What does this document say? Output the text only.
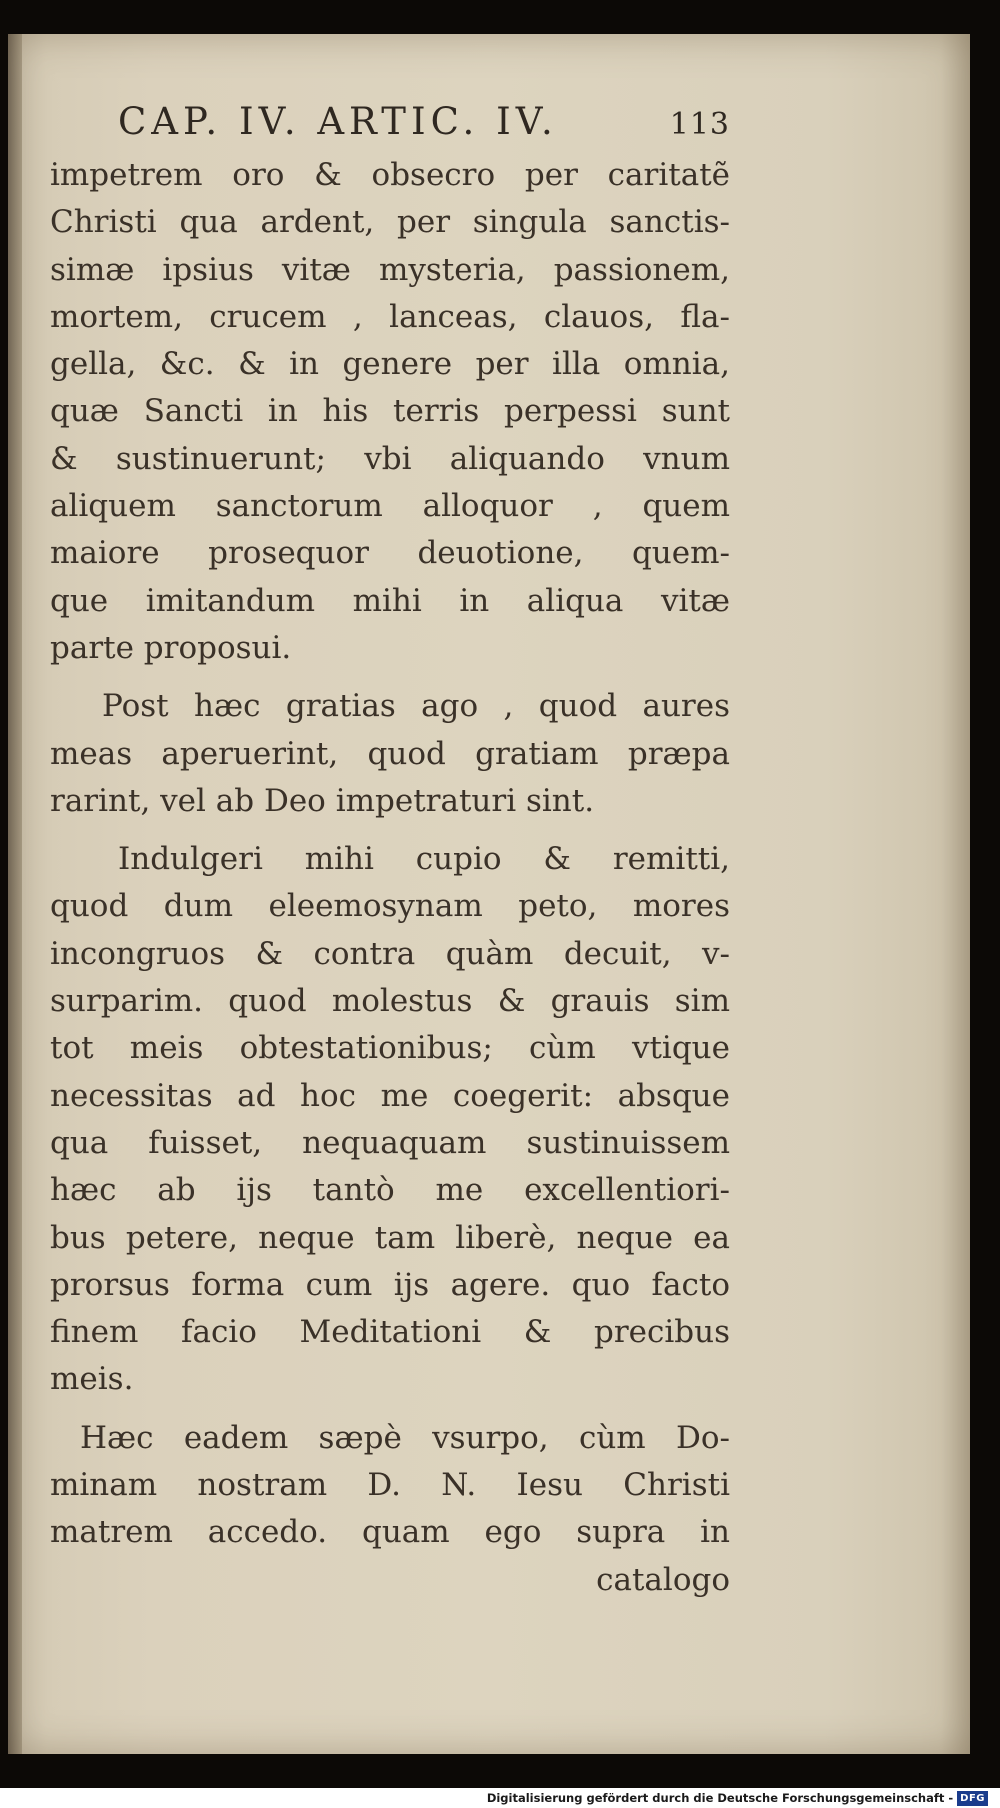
CAP. IV. ARTIC. IV.	113
impetrem oro & obsecro per caritatẽ
Christi qua ardent, per singula sanctis-
simæ ipsius vitæ mysteria, passionem,
mortem, crucem , lanceas, clauos, fla-
gella, &c. & in genere per illa omnia,
quæ Sancti in his terris perpessi sunt
& sustinuerunt; vbi aliquando vnum
aliquem sanctorum alloquor , quem
maiore prosequor deuotione, quem-
que imitandum mihi in aliqua vitæ
parte proposui.
Post hæc gratias ago , quod aures
meas aperuerint, quod gratiam præpa
rarint, vel ab Deo impetraturi sint.
Indulgeri mihi cupio & remitti,
quod dum eleemosynam peto, mores
incongruos & contra quàm decuit, v-
surparim. quod molestus & grauis sim
tot meis obtestationibus; cùm vtique
necessitas ad hoc me coegerit: absque
qua fuisset, nequaquam sustinuissem
hæc ab ijs tantò me excellentiori-
bus petere, neque tam liberè, neque ea
prorsus forma cum ijs agere. quo facto
finem facio Meditationi & precibus
meis.
Hæc eadem sæpè vsurpo, cùm Do-
minam nostram D. N. Iesu Christi
matrem accedo. quam ego supra in
catalogo
Digitalisierung gefördert durch die Deutsche Forschungsgemeinschaft - DFG
